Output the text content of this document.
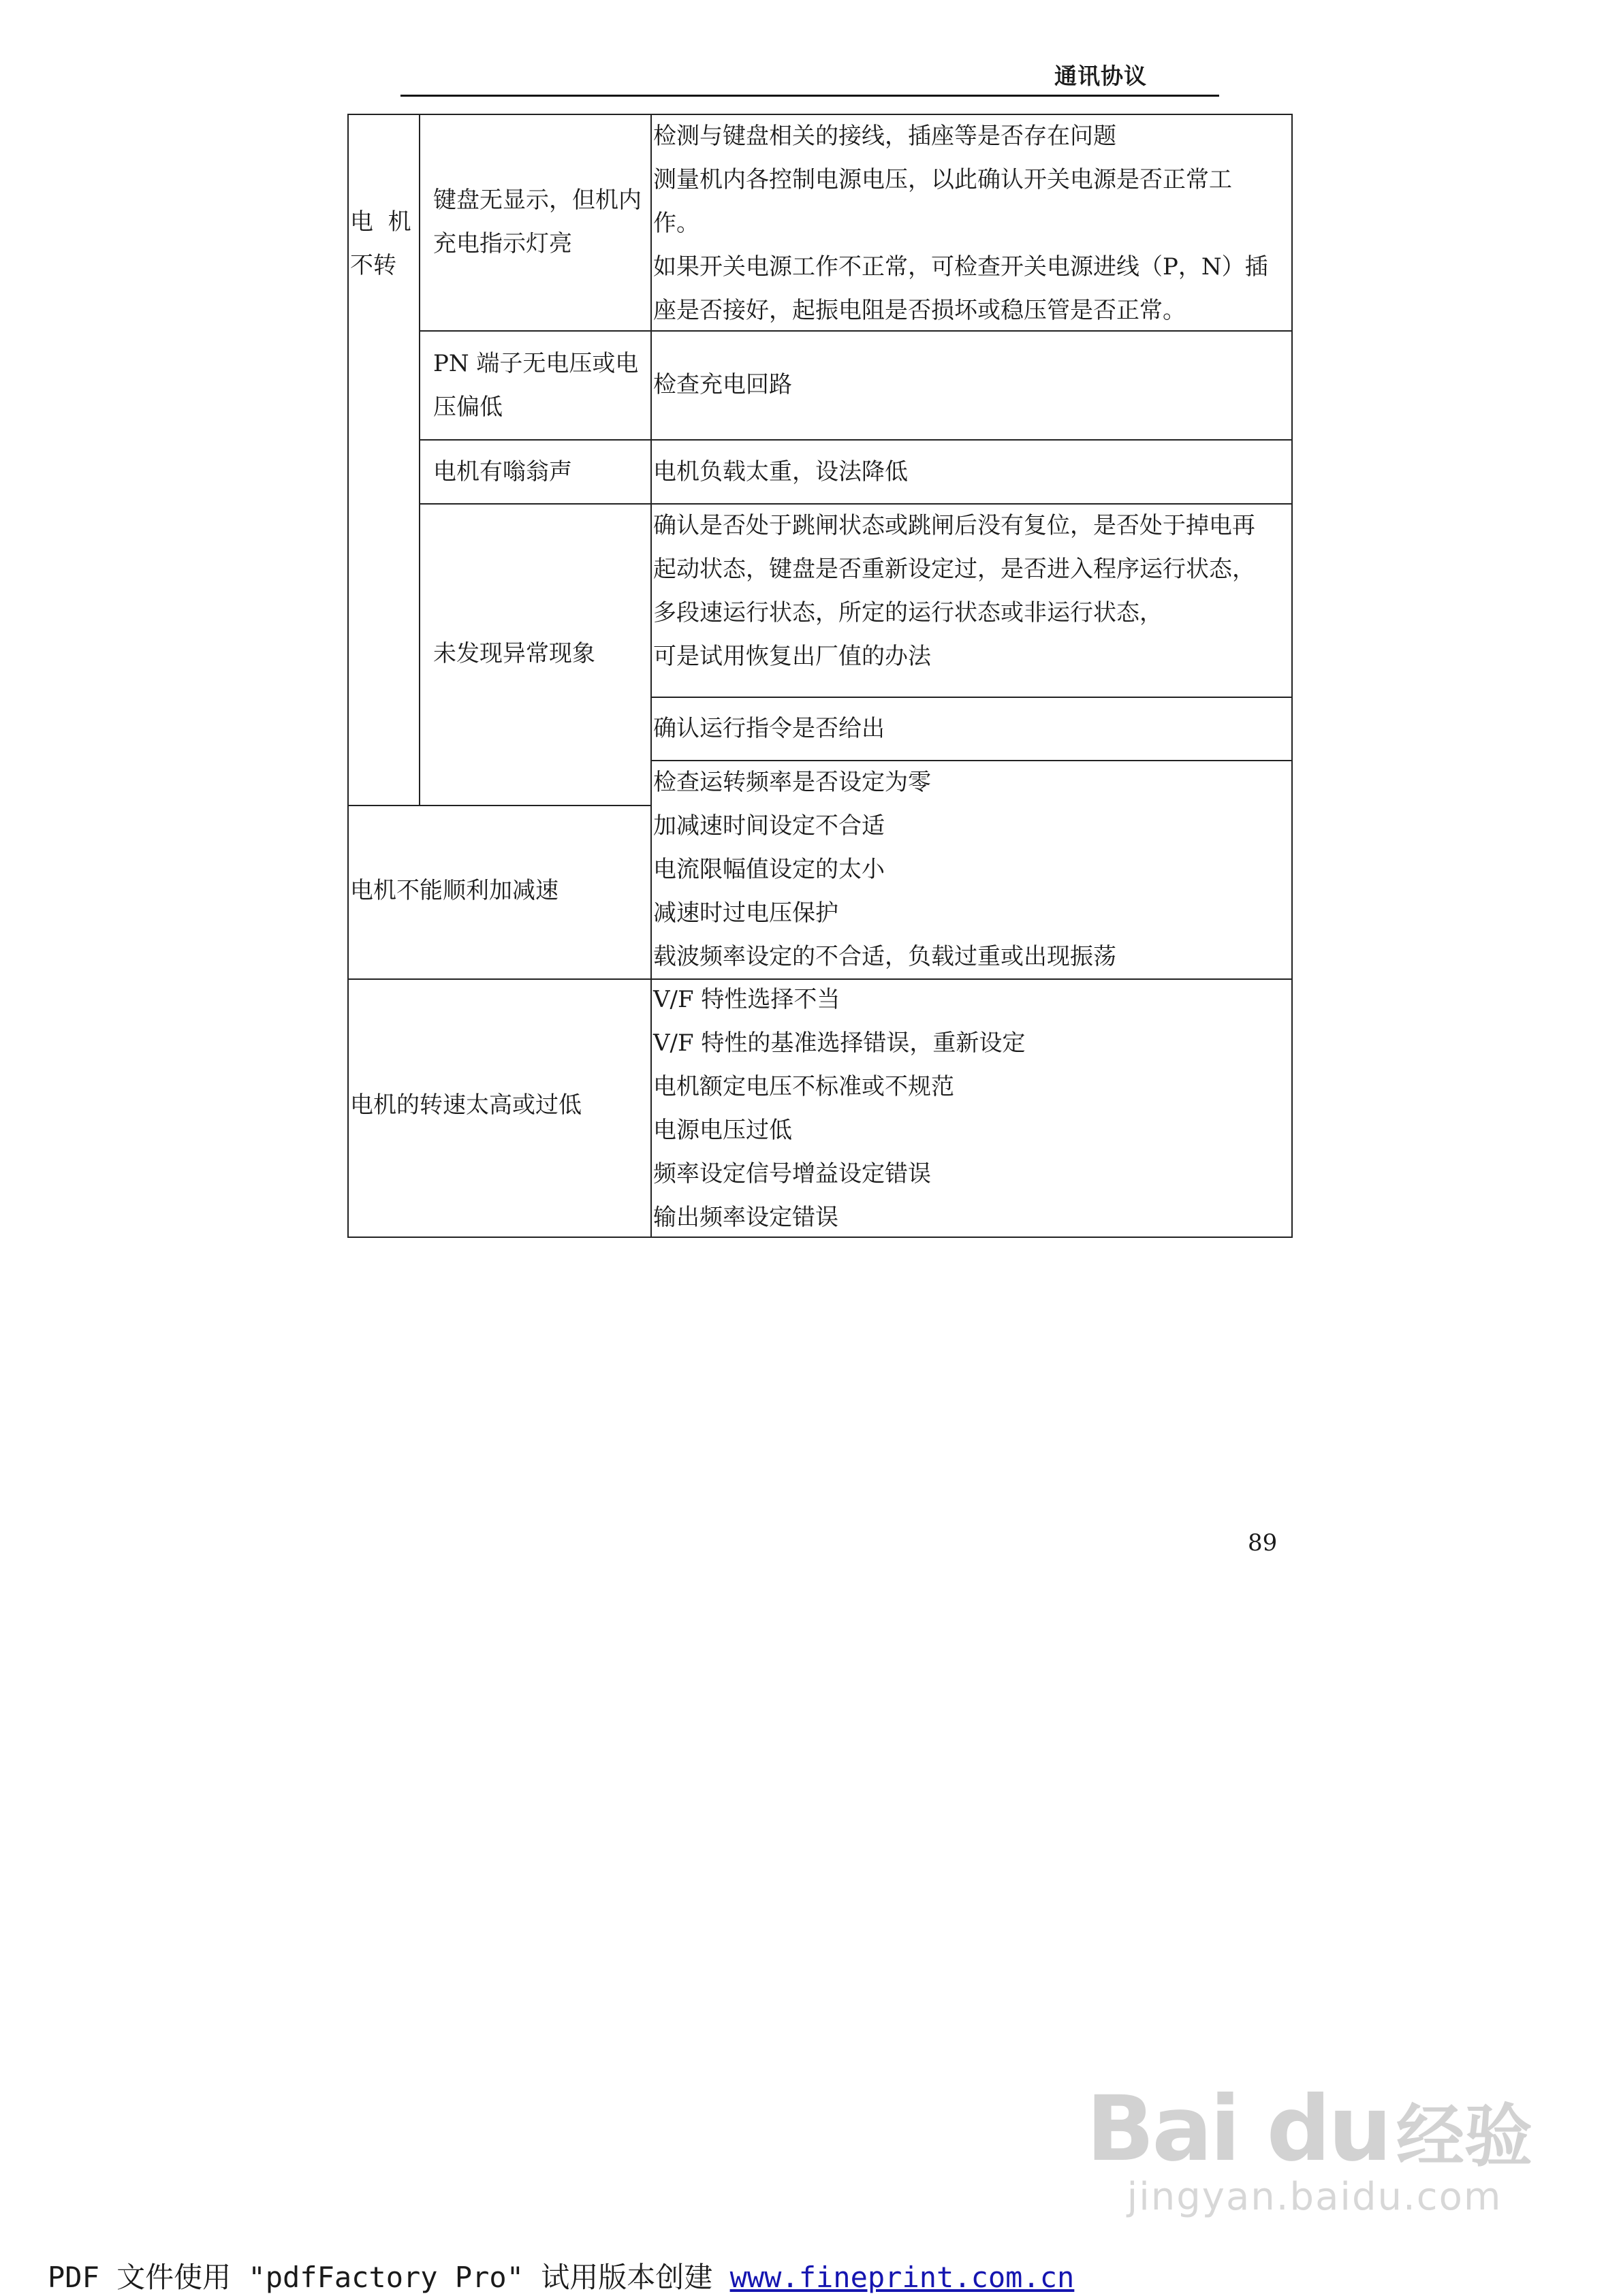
通讯协议
电  机
不转
键盘无显示，但机内
充电指示灯亮
检测与键盘相关的接线，插座等是否存在问题
测量机内各控制电源电压，以此确认开关电源是否正常工
作。
如果开关电源工作不正常，可检查开关电源进线（P，N）插
座是否接好，起振电阻是否损坏或稳压管是否正常。
PN 端子无电压或电
压偏低
检查充电回路
电机有嗡翁声	电机负载太重，设法降低
未发现异常现象
确认是否处于跳闸状态或跳闸后没有复位，是否处于掉电再
起动状态，键盘是否重新设定过，是否进入程序运行状态，
多段速运行状态，所定的运行状态或非运行状态，
可是试用恢复出厂值的办法
确认运行指令是否给出
检查运转频率是否设定为零
电机不能顺利加减速
加减速时间设定不合适
电流限幅值设定的太小
减速时过电压保护
载波频率设定的不合适，负载过重或出现振荡
电机的转速太高或过低
V/F 特性选择不当
V/F 特性的基准选择错误，重新设定
电机额定电压不标准或不规范
电源电压过低
频率设定信号增益设定错误
输出频率设定错误
89
Bai du 经验
jingyan.baidu.com
PDF 文件使用 "pdfFactory Pro" 试用版本创建 www.fineprint.com.cn
